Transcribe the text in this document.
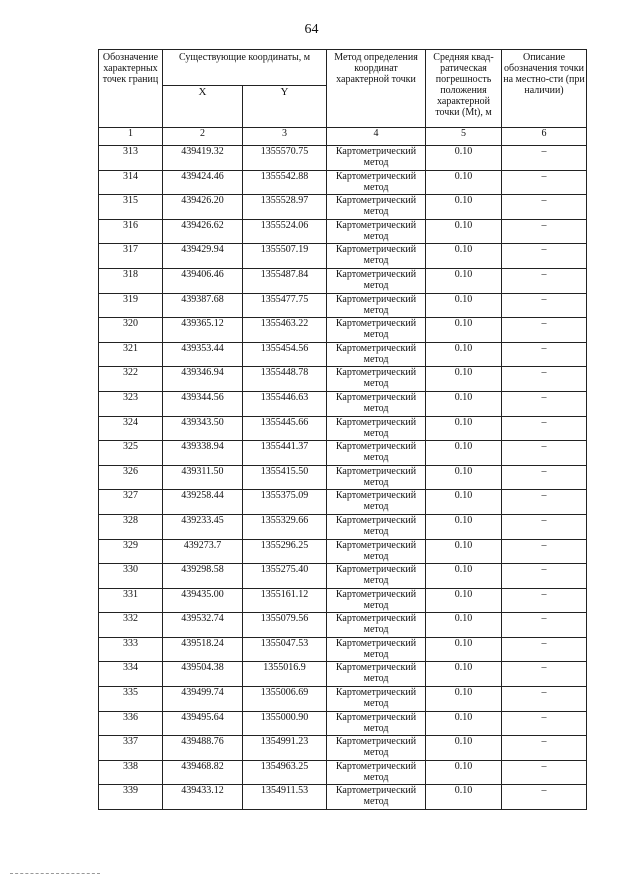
64
Обозначение характерных точек границ	Существующие координаты, м		Метод определения координат характерной точки	Средняя квад-ратическая погрешность положения характерной точки (Mt), м	Описание обозначения точки на местно-сти (при наличии)
	X	Y			
1	2	3	4	5	6
313	439419.32	1355570.75	Картометрический метод	0.10	–
314	439424.46	1355542.88	Картометрический метод	0.10	–
315	439426.20	1355528.97	Картометрический метод	0.10	–
316	439426.62	1355524.06	Картометрический метод	0.10	–
317	439429.94	1355507.19	Картометрический метод	0.10	–
318	439406.46	1355487.84	Картометрический метод	0.10	–
319	439387.68	1355477.75	Картометрический метод	0.10	–
320	439365.12	1355463.22	Картометрический метод	0.10	–
321	439353.44	1355454.56	Картометрический метод	0.10	–
322	439346.94	1355448.78	Картометрический метод	0.10	–
323	439344.56	1355446.63	Картометрический метод	0.10	–
324	439343.50	1355445.66	Картометрический метод	0.10	–
325	439338.94	1355441.37	Картометрический метод	0.10	–
326	439311.50	1355415.50	Картометрический метод	0.10	–
327	439258.44	1355375.09	Картометрический метод	0.10	–
328	439233.45	1355329.66	Картометрический метод	0.10	–
329	439273.7	1355296.25	Картометрический метод	0.10	–
330	439298.58	1355275.40	Картометрический метод	0.10	–
331	439435.00	1355161.12	Картометрический метод	0.10	–
332	439532.74	1355079.56	Картометрический метод	0.10	–
333	439518.24	1355047.53	Картометрический метод	0.10	–
334	439504.38	1355016.9	Картометрический метод	0.10	–
335	439499.74	1355006.69	Картометрический метод	0.10	–
336	439495.64	1355000.90	Картометрический метод	0.10	–
337	439488.76	1354991.23	Картометрический метод	0.10	–
338	439468.82	1354963.25	Картометрический метод	0.10	–
339	439433.12	1354911.53	Картометрический метод	0.10	–
